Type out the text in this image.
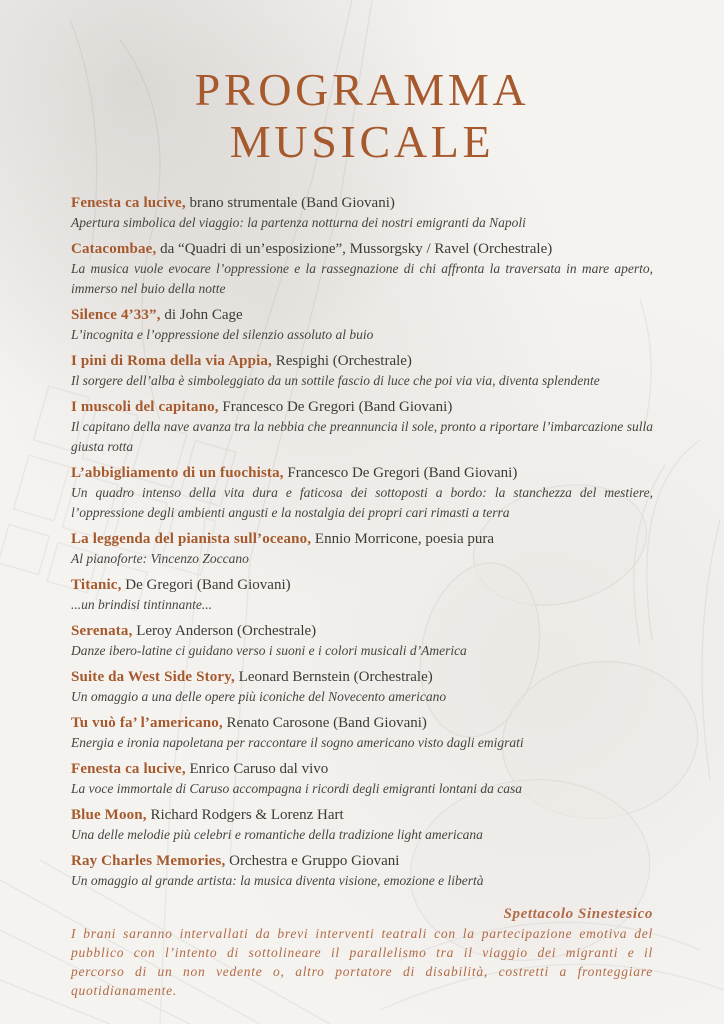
PROGRAMMA
MUSICALE
Fenesta ca lucive, brano strumentale (Band Giovani)
Apertura simbolica del viaggio: la partenza notturna dei nostri emigranti da Napoli
Catacombae, da “Quadri di un’esposizione”, Mussorgsky / Ravel (Orchestrale)
La musica vuole evocare l’oppressione e la rassegnazione di chi affronta la traversata in mare aperto, immerso nel buio della notte
Silence 4’33”, di John Cage
L’incognita e l’oppressione del silenzio assoluto al buio
I pini di Roma della via Appia, Respighi (Orchestrale)
Il sorgere dell’alba è simboleggiato da un sottile fascio di luce che poi via via, diventa splendente
I muscoli del capitano, Francesco De Gregori (Band Giovani)
Il capitano della nave avanza tra la nebbia che preannuncia il sole, pronto a riportare l’imbarcazione sulla giusta rotta
L’abbigliamento di un fuochista, Francesco De Gregori (Band Giovani)
Un quadro intenso della vita dura e faticosa dei sottoposti a bordo: la stanchezza del mestiere, l’oppressione degli ambienti angusti e la nostalgia dei propri cari rimasti a terra
La leggenda del pianista sull’oceano, Ennio Morricone, poesia pura
Al pianoforte: Vincenzo Zoccano
Titanic, De Gregori (Band Giovani)
...un brindisi tintinnante...
Serenata, Leroy Anderson (Orchestrale)
Danze ibero-latine ci guidano verso i suoni e i colori musicali d’America
Suite da West Side Story, Leonard Bernstein (Orchestrale)
Un omaggio a una delle opere più iconiche del Novecento americano
Tu vuò fa’ l’americano, Renato Carosone (Band Giovani)
Energia e ironia napoletana per raccontare il sogno americano visto dagli emigrati
Fenesta ca lucive, Enrico Caruso dal vivo
La voce immortale di Caruso accompagna i ricordi degli emigranti lontani da casa
Blue Moon, Richard Rodgers & Lorenz Hart
Una delle melodie più celebri e romantiche della tradizione light americana
Ray Charles Memories, Orchestra e Gruppo Giovani
Un omaggio al grande artista: la musica diventa visione, emozione e libertà
Spettacolo Sinestesico
I brani saranno intervallati da brevi interventi teatrali con la partecipazione emotiva del pubblico con l’intento di sottolineare il parallelismo tra il viaggio dei migranti e il percorso di un non vedente o, altro portatore di disabilità, costretti a fronteggiare quotidianamente.
